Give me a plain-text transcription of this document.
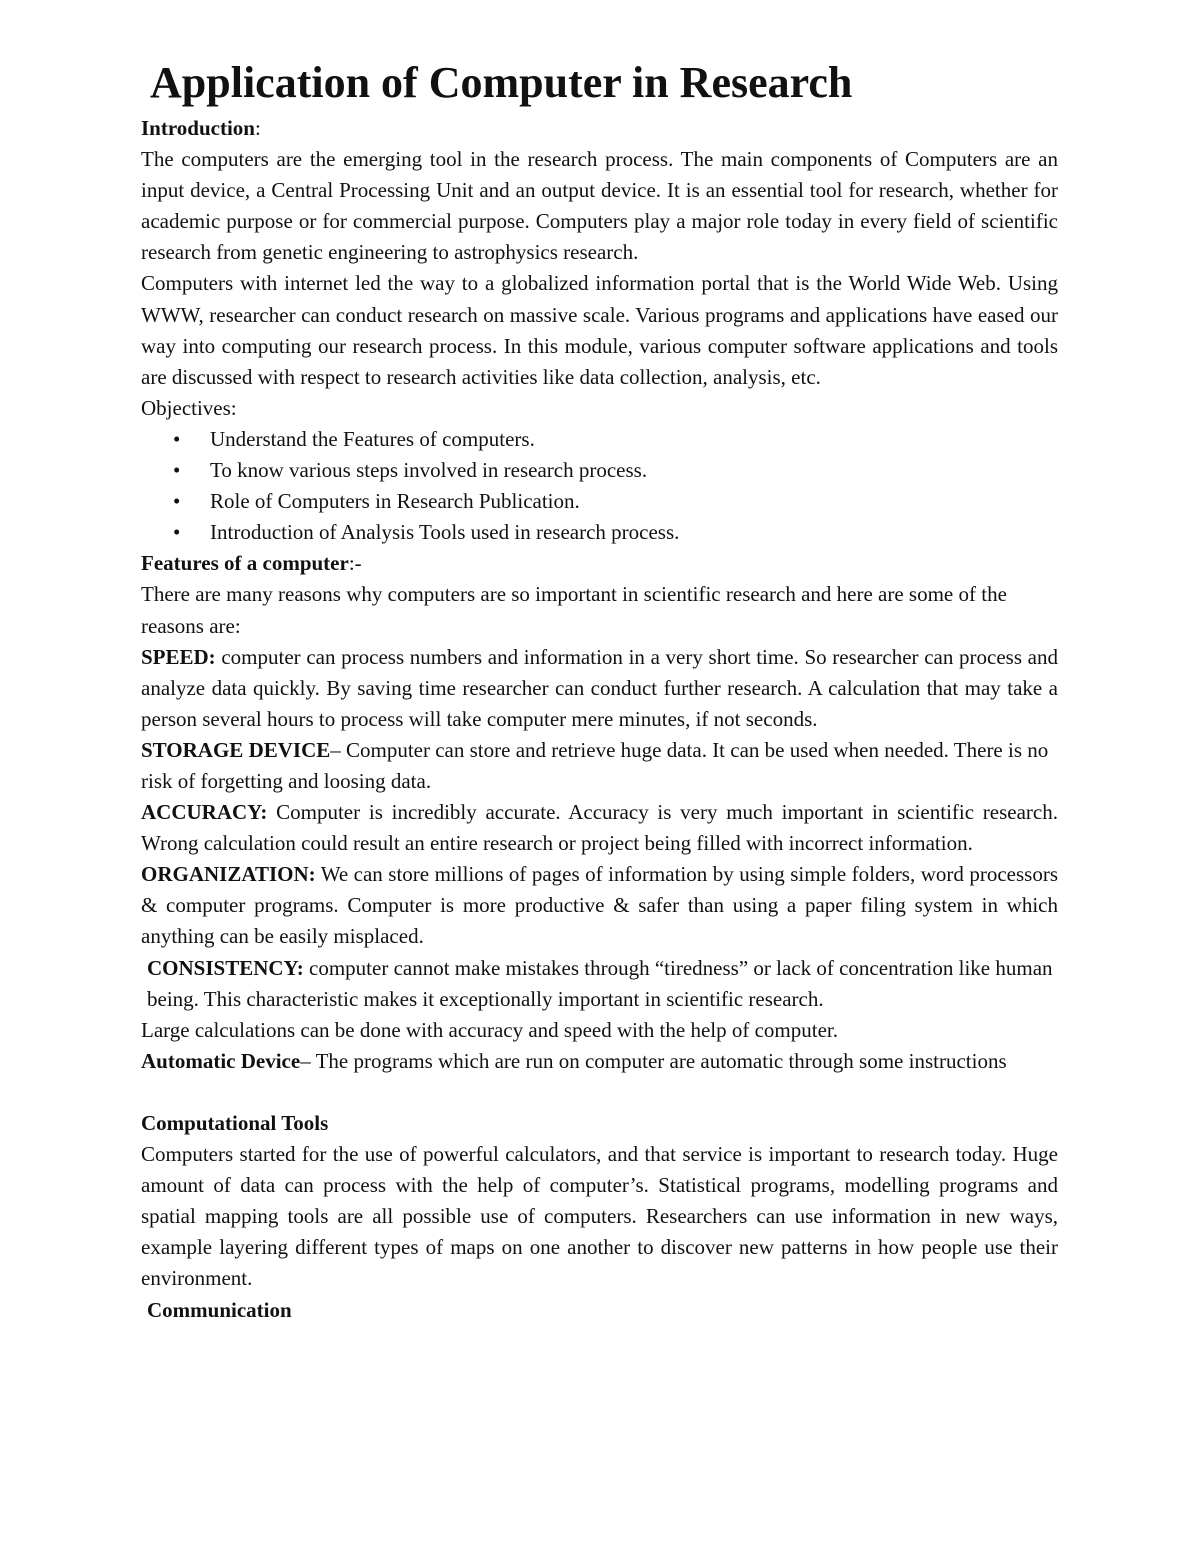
Application of Computer in Research

Introduction:

The computers are the emerging tool in the research process. The main components of Computers are an input device, a Central Processing Unit and an output device. It is an essential tool for research, whether for academic purpose or for commercial purpose. Computers play a major role today in every field of scientific research from genetic engineering to astrophysics research.

Computers with internet led the way to a globalized information portal that is the World Wide Web. Using WWW, researcher can conduct research on massive scale. Various programs and applications have eased our way into computing our research process. In this module, various computer software applications and tools are discussed with respect to research activities like data collection, analysis, etc.

Objectives:

• Understand the Features of computers.
• To know various steps involved in research process.
• Role of Computers in Research Publication.
• Introduction of Analysis Tools used in research process.

Features of a computer:-

There are many reasons why computers are so important in scientific research and here are some of the reasons are:

SPEED: computer can process numbers and information in a very short time. So researcher can process and analyze data quickly. By saving time researcher can conduct further research. A calculation that may take a person several hours to process will take computer mere minutes, if not seconds.

STORAGE DEVICE– Computer can store and retrieve huge data. It can be used when needed. There is no risk of forgetting and loosing data.

ACCURACY: Computer is incredibly accurate. Accuracy is very much important in scientific research. Wrong calculation could result an entire research or project being filled with incorrect information.

ORGANIZATION: We can store millions of pages of information by using simple folders, word processors & computer programs. Computer is more productive & safer than using a paper filing system in which anything can be easily misplaced.

CONSISTENCY: computer cannot make mistakes through “tiredness” or lack of concentration like human being. This characteristic makes it exceptionally important in scientific research.

Large calculations can be done with accuracy and speed with the help of computer.

Automatic Device– The programs which are run on computer are automatic through some instructions

Computational Tools

Computers started for the use of powerful calculators, and that service is important to research today. Huge amount of data can process with the help of computer’s. Statistical programs, modelling programs and spatial mapping tools are all possible use of computers. Researchers can use information in new ways, example layering different types of maps on one another to discover new patterns in how people use their environment.

Communication
